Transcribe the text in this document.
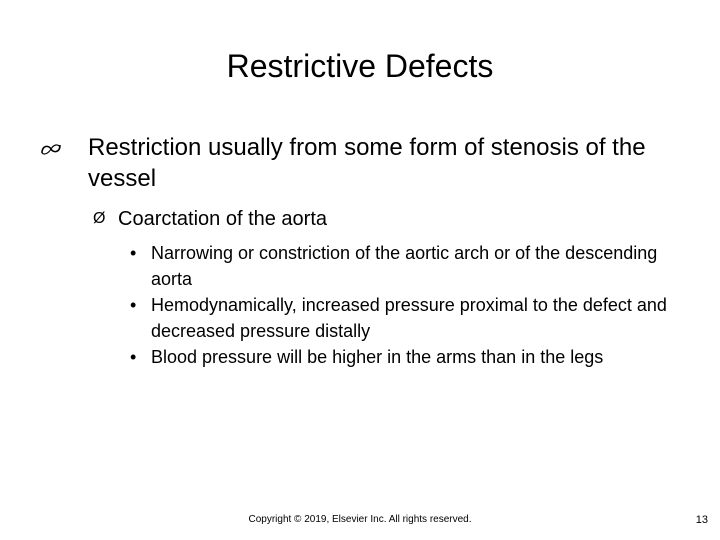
Restrictive Defects
Restriction usually from some form of stenosis of the vessel
Ø Coarctation of the aorta
• Narrowing or constriction of the aortic arch or of the descending aorta
• Hemodynamically, increased pressure proximal to the defect and decreased pressure distally
• Blood pressure will be higher in the arms than in the legs
Copyright © 2019, Elsevier Inc. All rights reserved.	13
